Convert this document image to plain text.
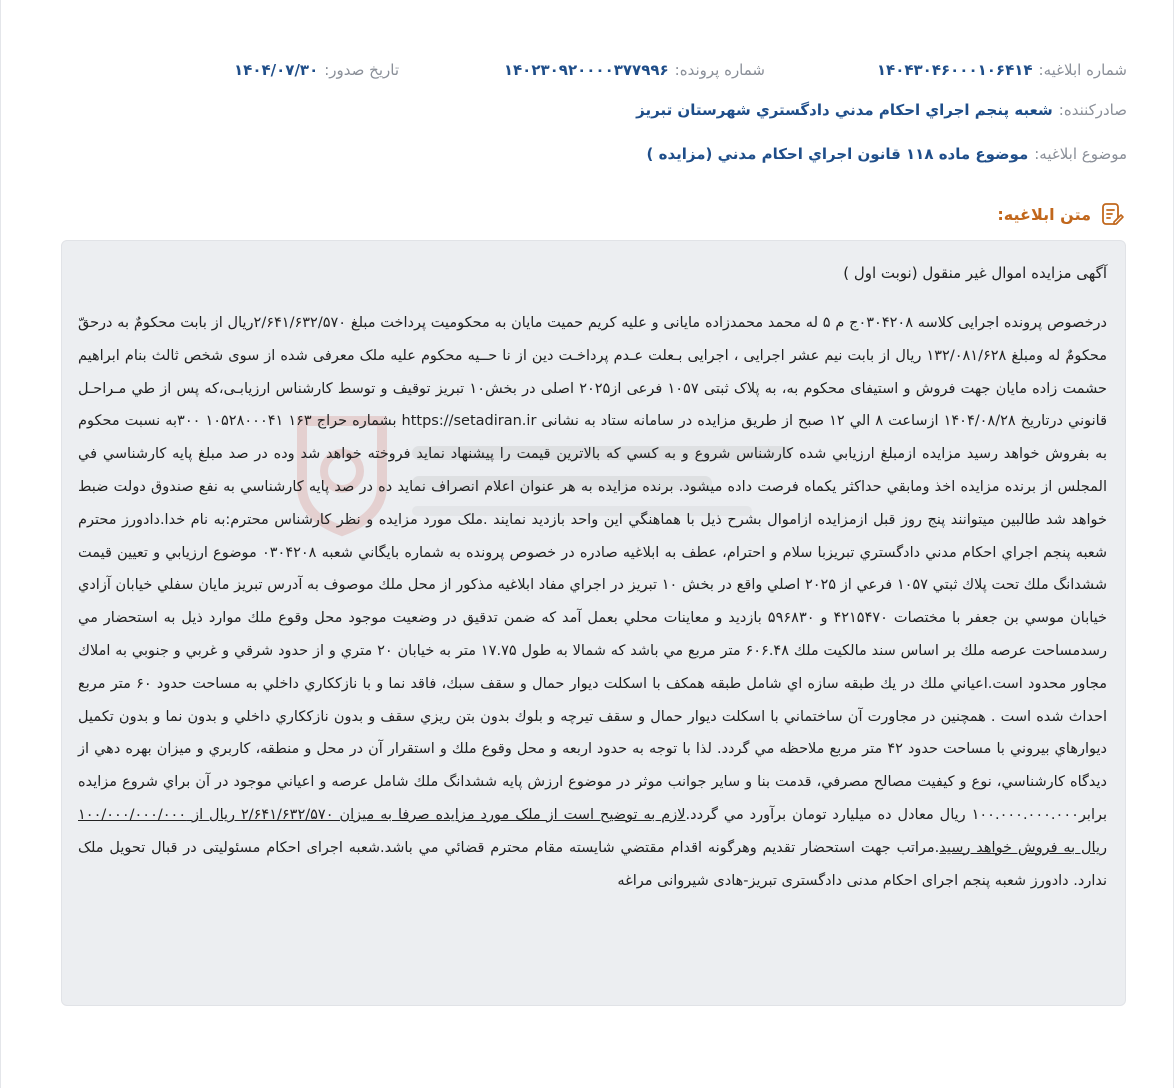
شماره ابلاغیه:
۱۴۰۴۳۰۴۶۰۰۰۱۰۶۴۱۴
شماره پرونده:
۱۴۰۲۳۰۹۲۰۰۰۰۳۷۷۹۹۶
تاریخ صدور:
۱۴۰۴/۰۷/۳۰
صادرکننده:
شعبه پنجم اجراي احكام مدني دادگستري شهرستان تبريز
موضوع ابلاغیه:
موضوع ماده ۱۱۸ قانون اجراي احكام مدني (مزايده )
متن ابلاغیه:
آگهی مزایده اموال غیر منقول (نوبت اول )
درخصوص پرونده اجرایی کلاسه ۰۳۰۴۲۰۸ج م ۵ له محمد محمدزاده مایانی و علیه کریم حمیت مایان به محکومیت پرداخت مبلغ ۲/۶۴۱/۶۳۲/۵۷۰ریال از بابت محکومٌ به درحقّ محکومٌ له ومبلغ ۱۳۲/۰۸۱/۶۲۸ ریال از بابت نیم عشر اجرایی ، اجرایی بـعلت عـدم پرداخـت دین از نا حــیه محکوم علیه ملک معرفی شده از سوی شخص ثالث بنام ابراهیم حشمت زاده مایان جهت فروش و استیفای محکوم به، به پلاک ثبتی ۱۰۵۷ فرعی از۲۰۲۵ اصلی در بخش۱۰ تبریز توقیف و توسط کارشناس ارزیابـی،که پس از طي مـراحـل قانوني درتاريخ ۱۴۰۴/۰۸/۲۸ ازساعت ۸ الي ۱۲ صبح از طريق مزايده در سامانه ستاد به نشانی https://setadiran.ir بشماره حراج ۱۶۳ ۱۰۵۲۸۰۰۰۴۱ ۳۰۰به نسبت محکوم به بفروش خواهد رسيد مزايده ازمبلغ ارزيابي شده كارشناس شروع و به كسي كه بالاترين قيمت را پيشنهاد نمايد فروخته خواهد شد وده در صد مبلغ پايه كارشناسي في المجلس از برنده مزايده اخذ ومابقي حداكثر يكماه فرصت داده ميشود. برنده مزايده به هر عنوان اعلام انصراف نمايد ده در صد پايه كارشناسي به نفع صندوق دولت ضبط خواهد شد طالبين ميتوانند پنج روز قبل ازمزايده ازاموال بشرح ذيل با هماهنگي اين واحد بازديد نمايند .ملک مورد مزایده و نظر کارشناس محترم:به نام خدا.دادورز محترم شعبه پنجم اجراي احكام مدني دادگستري تبريزبا سلام و احترام، عطف به ابلاغيه صادره در خصوص پرونده به شماره بايگاني شعبه ۰۳۰۴۲۰۸ موضوع ارزيابي و تعيين قيمت ششدانگ ملك تحت پلاك ثبتي ۱۰۵۷ فرعي از ۲۰۲۵ اصلي واقع در بخش ۱۰ تبريز در اجراي مفاد ابلاغيه مذكور از محل ملك موصوف به آدرس تبريز مايان سفلي خيابان آزادي خيابان موسي بن جعفر با مختصات ۴۲۱۵۴۷۰ و ۵۹۶۸۳۰ بازديد و معاينات محلي بعمل آمد كه ضمن تدقيق در وضعيت موجود محل وقوع ملك موارد ذيل به استحضار مي رسدمساحت عرصه ملك بر اساس سند مالكيت ملك ۶۰۶.۴۸ متر مربع مي باشد كه شمالا به طول ۱۷.۷۵ متر به خيابان ۲۰ متري و از حدود شرقي و غربي و جنوبي به املاك مجاور محدود است.اعياني ملك در يك طبقه سازه اي شامل طبقه همكف با اسكلت ديوار حمال و سقف سبك، فاقد نما و با نازككاري داخلي به مساحت حدود ۶۰ متر مربع احداث شده است . همچنين در مجاورت آن ساختماني با اسكلت ديوار حمال و سقف تيرچه و بلوك بدون بتن ريزي سقف و بدون نازككاري داخلي و بدون نما و بدون تكميل ديوارهاي بيروني با مساحت حدود ۴۲ متر مربع ملاحظه مي گردد. لذا با توجه به حدود اربعه و محل وقوع ملك و استقرار آن در محل و منطقه، كاربري و ميزان بهره دهي از ديدگاه كارشناسي، نوع و كيفيت مصالح مصرفي، قدمت بنا و ساير جوانب موثر در موضوع ارزش پايه ششدانگ ملك شامل عرصه و اعياني موجود در آن براي شروع مزايده برابر۱۰۰.۰۰۰.۰۰۰.۰۰۰ ريال معادل ده ميليارد تومان برآورد مي گردد.لازم به توضیح است از ملک مورد مزایده صرفا به میزان ۲/۶۴۱/۶۳۲/۵۷۰ ریال از ۱۰۰/۰۰۰/۰۰۰/۰۰۰ ریال به فروش خواهد رسید.مراتب جهت استحضار تقدیم وهرگونه اقدام مقتضي شایسته مقام محترم قضائي مي باشد.شعبه اجرای احکام مسئولیتی در قبال تحویل ملک ندارد. دادورز شعبه پنجم اجرای احکام مدنی دادگستری تبریز-هادی شیروانی مراغه
